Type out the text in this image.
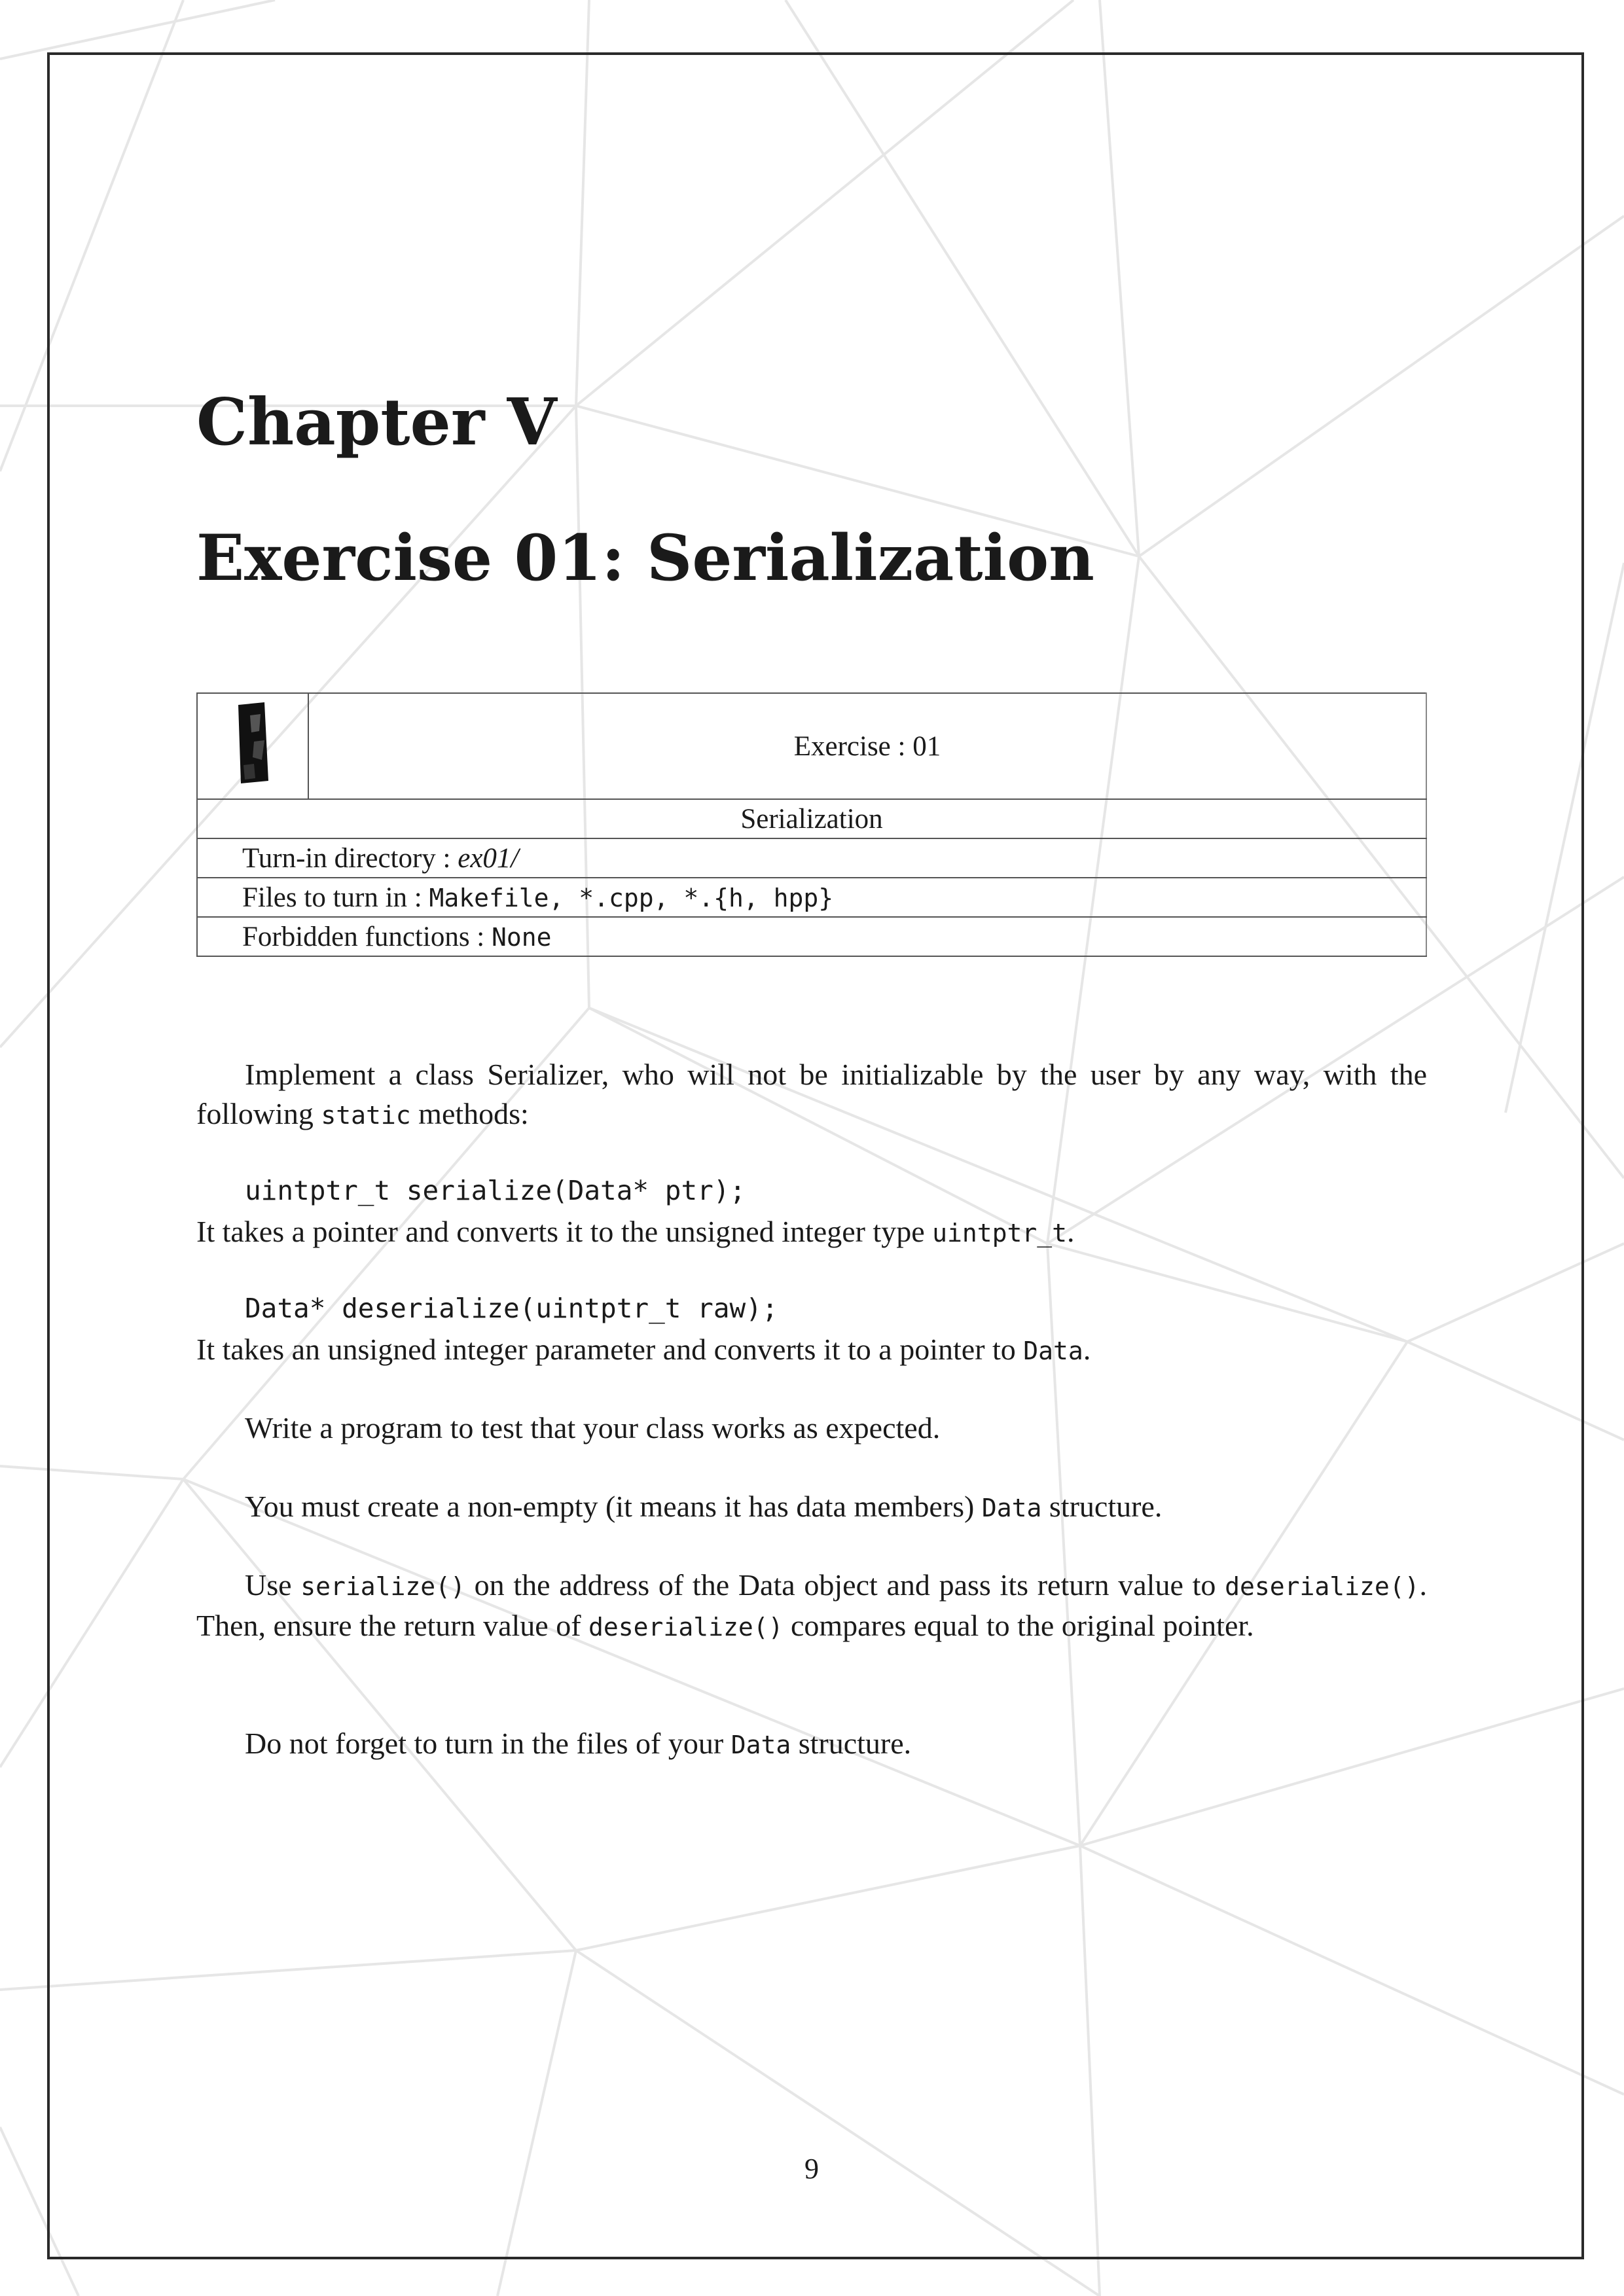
Chapter V
Exercise 01: Serialization
	Exercise : 01
Serialization
Turn-in directory : ex01/
Files to turn in : Makefile, *.cpp, *.{h, hpp}
Forbidden functions : None

Implement a class Serializer, who will not be initializable by the user by any way, with the following static methods:

uintptr_t serialize(Data* ptr);

It takes a pointer and converts it to the unsigned integer type uintptr_t.

Data* deserialize(uintptr_t raw);

It takes an unsigned integer parameter and converts it to a pointer to Data.

Write a program to test that your class works as expected.

You must create a non-empty (it means it has data members) Data structure.

Use serialize() on the address of the Data object and pass its return value to deserialize(). Then, ensure the return value of deserialize() compares equal to the original pointer.

Do not forget to turn in the files of your Data structure.

9
